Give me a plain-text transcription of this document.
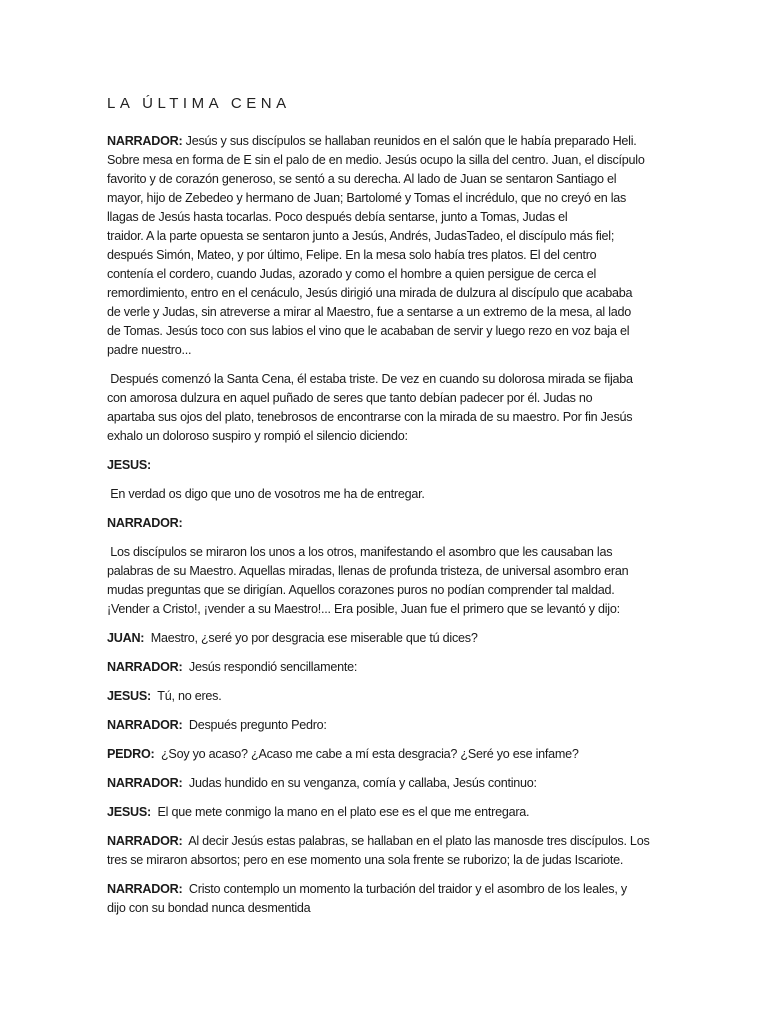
LA ÚLTIMA CENA
NARRADOR: Jesús y sus discípulos se hallaban reunidos en el salón que le había preparado Heli.
Sobre mesa en forma de E sin el palo de en medio. Jesús ocupo la silla del centro. Juan, el discípulo
favorito y de corazón generoso, se sentó a su derecha. Al lado de Juan se sentaron Santiago el
mayor, hijo de Zebedeo y hermano de Juan; Bartolomé y Tomas el incrédulo, que no creyó en las
llagas de Jesús hasta tocarlas. Poco después debía sentarse, junto a Tomas, Judas el
traidor. A la parte opuesta se sentaron junto a Jesús, Andrés, JudasTadeo, el discípulo más fiel;
después Simón, Mateo, y por último, Felipe. En la mesa solo había tres platos. El del centro
contenía el cordero, cuando Judas, azorado y como el hombre a quien persigue de cerca el
remordimiento, entro en el cenáculo, Jesús dirigió una mirada de dulzura al discípulo que acababa
de verle y Judas, sin atreverse a mirar al Maestro, fue a sentarse a un extremo de la mesa, al lado
de Tomas. Jesús toco con sus labios el vino que le acababan de servir y luego rezo en voz baja el
padre nuestro...
Después comenzó la Santa Cena, él estaba triste. De vez en cuando su dolorosa mirada se fijaba
con amorosa dulzura en aquel puñado de seres que tanto debían padecer por él. Judas no
apartaba sus ojos del plato, tenebrosos de encontrarse con la mirada de su maestro. Por fin Jesús
exhalo un doloroso suspiro y rompió el silencio diciendo:
JESUS:
En verdad os digo que uno de vosotros me ha de entregar.
NARRADOR:
Los discípulos se miraron los unos a los otros, manifestando el asombro que les causaban las
palabras de su Maestro. Aquellas miradas, llenas de profunda tristeza, de universal asombro eran
mudas preguntas que se dirigían. Aquellos corazones puros no podían comprender tal maldad.
¡Vender a Cristo!, ¡vender a su Maestro!... Era posible, Juan fue el primero que se levantó y dijo:
JUAN:  Maestro, ¿seré yo por desgracia ese miserable que tú dices?
NARRADOR:  Jesús respondió sencillamente:
JESUS:  Tú, no eres.
NARRADOR:  Después pregunto Pedro:
PEDRO:  ¿Soy yo acaso? ¿Acaso me cabe a mí esta desgracia? ¿Seré yo ese infame?
NARRADOR:  Judas hundido en su venganza, comía y callaba, Jesús continuo:
JESUS:  El que mete conmigo la mano en el plato ese es el que me entregara.
NARRADOR:  Al decir Jesús estas palabras, se hallaban en el plato las manosde tres discípulos. Los
tres se miraron absortos; pero en ese momento una sola frente se ruborizo; la de judas Iscariote.
NARRADOR:  Cristo contemplo un momento la turbación del traidor y el asombro de los leales, y
dijo con su bondad nunca desmentida
